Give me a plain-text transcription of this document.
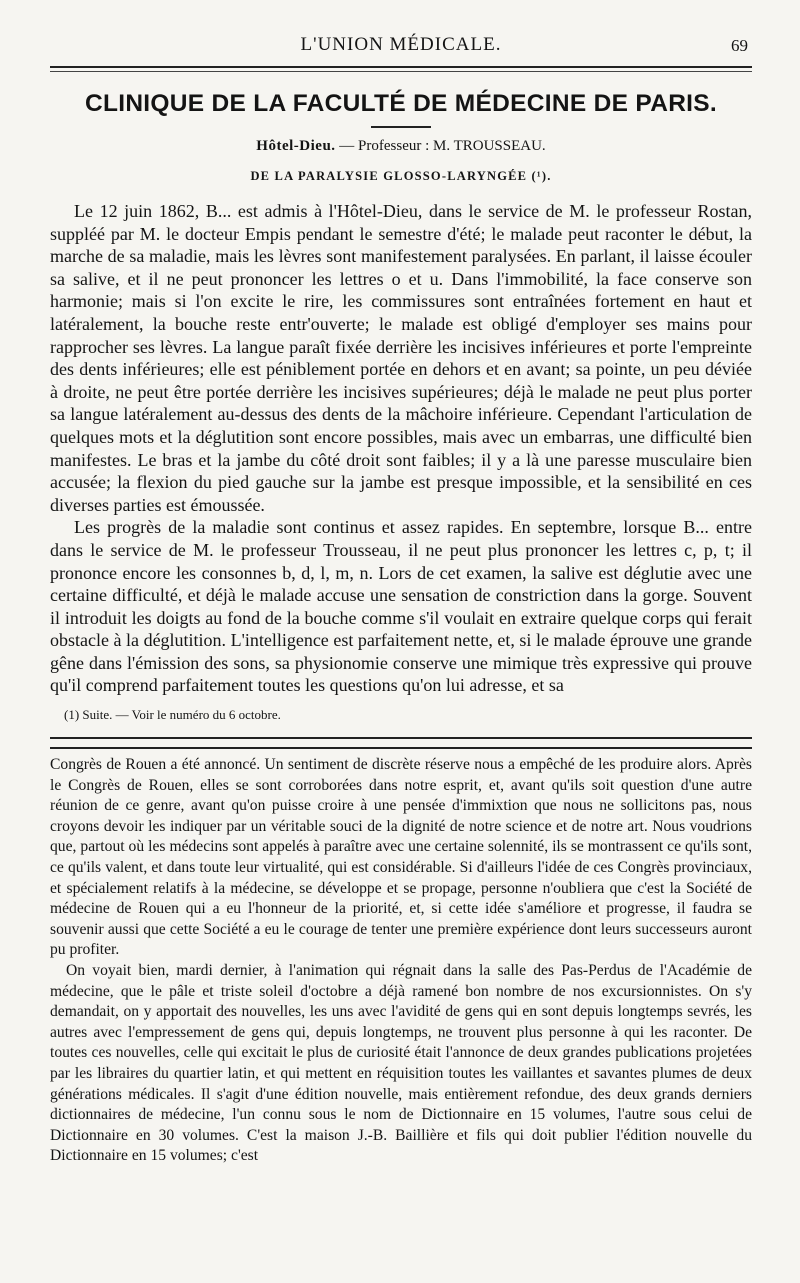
L'UNION MÉDICALE.	69
CLINIQUE DE LA FACULTÉ DE MÉDECINE DE PARIS.

Hôtel-Dieu. — Professeur : M. TROUSSEAU.

DE LA PARALYSIE GLOSSO-LARYNGÉE (¹).

Le 12 juin 1862, B... est admis à l'Hôtel-Dieu, dans le service de M. le professeur Rostan, suppléé par M. le docteur Empis pendant le semestre d'été; le malade peut raconter le début, la marche de sa maladie, mais les lèvres sont manifestement paralysées. En parlant, il laisse écouler sa salive, et il ne peut prononcer les lettres o et u. Dans l'immobilité, la face conserve son harmonie; mais si l'on excite le rire, les commissures sont entraînées fortement en haut et latéralement, la bouche reste entr'ouverte; le malade est obligé d'employer ses mains pour rapprocher ses lèvres. La langue paraît fixée derrière les incisives inférieures et porte l'empreinte des dents inférieures; elle est péniblement portée en dehors et en avant; sa pointe, un peu déviée à droite, ne peut être portée derrière les incisives supérieures; déjà le malade ne peut plus porter sa langue latéralement au-dessus des dents de la mâchoire inférieure. Cependant l'articulation de quelques mots et la déglutition sont encore possibles, mais avec un embarras, une difficulté bien manifestes. Le bras et la jambe du côté droit sont faibles; il y a là une paresse musculaire bien accusée; la flexion du pied gauche sur la jambe est presque impossible, et la sensibilité en ces diverses parties est émoussée.

Les progrès de la maladie sont continus et assez rapides. En septembre, lorsque B... entre dans le service de M. le professeur Trousseau, il ne peut plus prononcer les lettres c, p, t; il prononce encore les consonnes b, d, l, m, n. Lors de cet examen, la salive est déglutie avec une certaine difficulté, et déjà le malade accuse une sensation de constriction dans la gorge. Souvent il introduit les doigts au fond de la bouche comme s'il voulait en extraire quelque corps qui ferait obstacle à la déglutition. L'intelligence est parfaitement nette, et, si le malade éprouve une grande gêne dans l'émission des sons, sa physionomie conserve une mimique très expressive qui prouve qu'il comprend parfaitement toutes les questions qu'on lui adresse, et sa

(1) Suite. — Voir le numéro du 6 octobre.

Congrès de Rouen a été annoncé. Un sentiment de discrète réserve nous a empêché de les produire alors. Après le Congrès de Rouen, elles se sont corroborées dans notre esprit, et, avant qu'ils soit question d'une autre réunion de ce genre, avant qu'on puisse croire à une pensée d'immixtion que nous ne sollicitons pas, nous croyons devoir les indiquer par un véritable souci de la dignité de notre science et de notre art. Nous voudrions que, partout où les médecins sont appelés à paraître avec une certaine solennité, ils se montrassent ce qu'ils sont, ce qu'ils valent, et dans toute leur virtualité, qui est considérable. Si d'ailleurs l'idée de ces Congrès provinciaux, et spécialement relatifs à la médecine, se développe et se propage, personne n'oubliera que c'est la Société de médecine de Rouen qui a eu l'honneur de la priorité, et, si cette idée s'améliore et progresse, il faudra se souvenir aussi que cette Société a eu le courage de tenter une première expérience dont leurs successeurs auront pu profiter.

On voyait bien, mardi dernier, à l'animation qui régnait dans la salle des Pas-Perdus de l'Académie de médecine, que le pâle et triste soleil d'octobre a déjà ramené bon nombre de nos excursionnistes. On s'y demandait, on y apportait des nouvelles, les uns avec l'avidité de gens qui en sont depuis longtemps sevrés, les autres avec l'empressement de gens qui, depuis longtemps, ne trouvent plus personne à qui les raconter. De toutes ces nouvelles, celle qui excitait le plus de curiosité était l'annonce de deux grandes publications projetées par les libraires du quartier latin, et qui mettent en réquisition toutes les vaillantes et savantes plumes de deux générations médicales. Il s'agit d'une édition nouvelle, mais entièrement refondue, des deux grands derniers dictionnaires de médecine, l'un connu sous le nom de Dictionnaire en 15 volumes, l'autre sous celui de Dictionnaire en 30 volumes. C'est la maison J.-B. Baillière et fils qui doit publier l'édition nouvelle du Dictionnaire en 15 volumes; c'est
